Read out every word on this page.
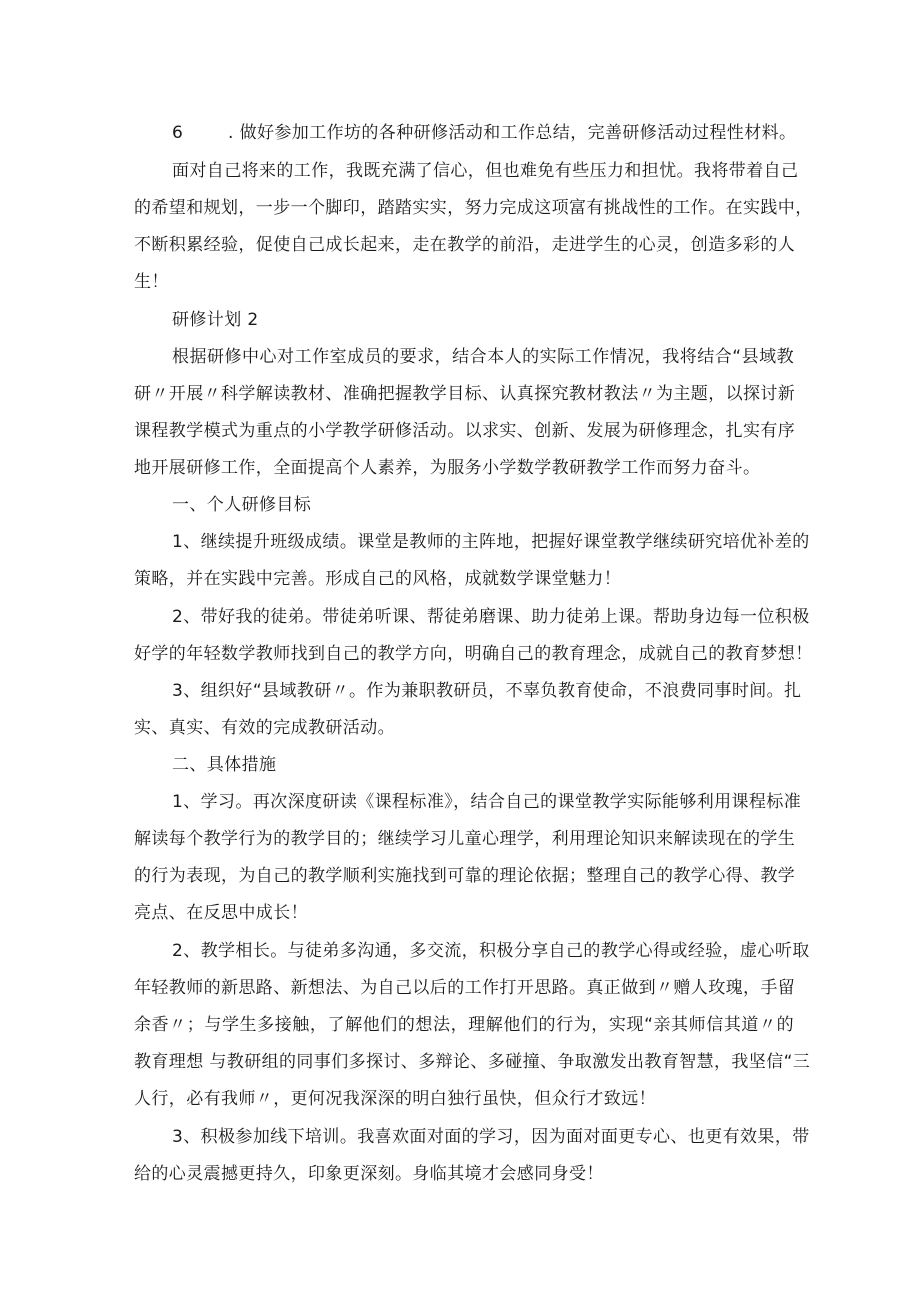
6	. 做好参加工作坊的各种研修活动和工作总结，完善研修活动过程性材料。
面对自己将来的工作，我既充满了信心，但也难免有些压力和担忧。我将带着自己
的希望和规划，一步一个脚印，踏踏实实，努力完成这项富有挑战性的工作。在实践中，
不断积累经验，促使自己成长起来，走在教学的前沿，走进学生的心灵，创造多彩的人
生！
研修计划 2
根据研修中心对工作室成员的要求，结合本人的实际工作情况，我将结合“县域教
研〃开展〃科学解读教材、准确把握教学目标、认真探究教材教法〃为主题，以探讨新
课程教学模式为重点的小学教学研修活动。以求实、创新、发展为研修理念，扎实有序
地开展研修工作，全面提高个人素养，为服务小学数学教研教学工作而努力奋斗。
一、个人研修目标
1、继续提升班级成绩。课堂是教师的主阵地，把握好课堂教学继续研究培优补差的
策略，并在实践中完善。形成自己的风格，成就数学课堂魅力！
2、带好我的徒弟。带徒弟听课、帮徒弟磨课、助力徒弟上课。帮助身边每一位积极
好学的年轻数学教师找到自己的教学方向，明确自己的教育理念，成就自己的教育梦想！
3、组织好“县域教研〃。作为兼职教研员，不辜负教育使命，不浪费同事时间。扎
实、真实、有效的完成教研活动。
二、具体措施
1、学习。再次深度研读《课程标准》，结合自己的课堂教学实际能够利用课程标准
解读每个教学行为的教学目的；继续学习儿童心理学，利用理论知识来解读现在的学生
的行为表现，为自己的教学顺利实施找到可靠的理论依据；整理自己的教学心得、教学
亮点、在反思中成长！
2、教学相长。与徒弟多沟通，多交流，积极分享自己的教学心得或经验，虚心听取
年轻教师的新思路、新想法、为自己以后的工作打开思路。真正做到〃赠人玫瑰，手留
余香〃；与学生多接触，了解他们的想法，理解他们的行为，实现“亲其师信其道〃的
教育理想 与教研组的同事们多探讨、多辩论、多碰撞、争取激发出教育智慧，我坚信“三
人行，必有我师〃，更何况我深深的明白独行虽快，但众行才致远！
3、积极参加线下培训。我喜欢面对面的学习，因为面对面更专心、也更有效果，带
给的心灵震撼更持久，印象更深刻。身临其境才会感同身受！
